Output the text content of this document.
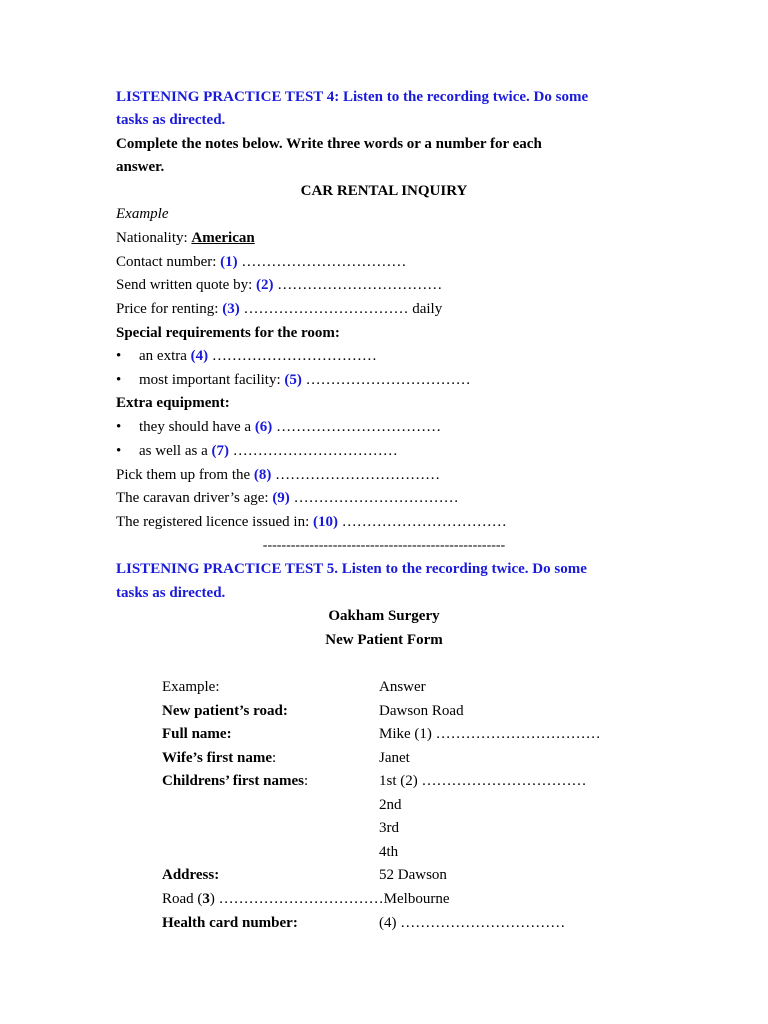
LISTENING PRACTICE TEST 4: Listen to the recording twice. Do some
tasks as directed.
Complete the notes below. Write three words or a number for each
answer.
CAR RENTAL INQUIRY
Example
Nationality: American
Contact number: (1) ……………………………
Send written quote by: (2) ……………………………
Price for renting: (3) …………………………… daily
Special requirements for the room:
• an extra (4) ……………………………
• most important facility: (5) ……………………………
Extra equipment:
• they should have a (6) ……………………………
• as well as a (7) ……………………………
Pick them up from the (8) ……………………………
The caravan driver’s age: (9) ……………………………
The registered licence issued in: (10) ……………………………
----------------------------------------------------
LISTENING PRACTICE TEST 5. Listen to the recording twice. Do some
tasks as directed.
Oakham Surgery
New Patient Form
Example:	Answer
New patient’s road:	Dawson Road
Full name:	Mike (1) ……………………………
Wife’s first name:	Janet
Childrens’ first names:	1st (2) ……………………………
2nd
3rd
4th
Address:	52 Dawson
Road (3) ……………………………Melbourne
Health card number:	(4) ……………………………
